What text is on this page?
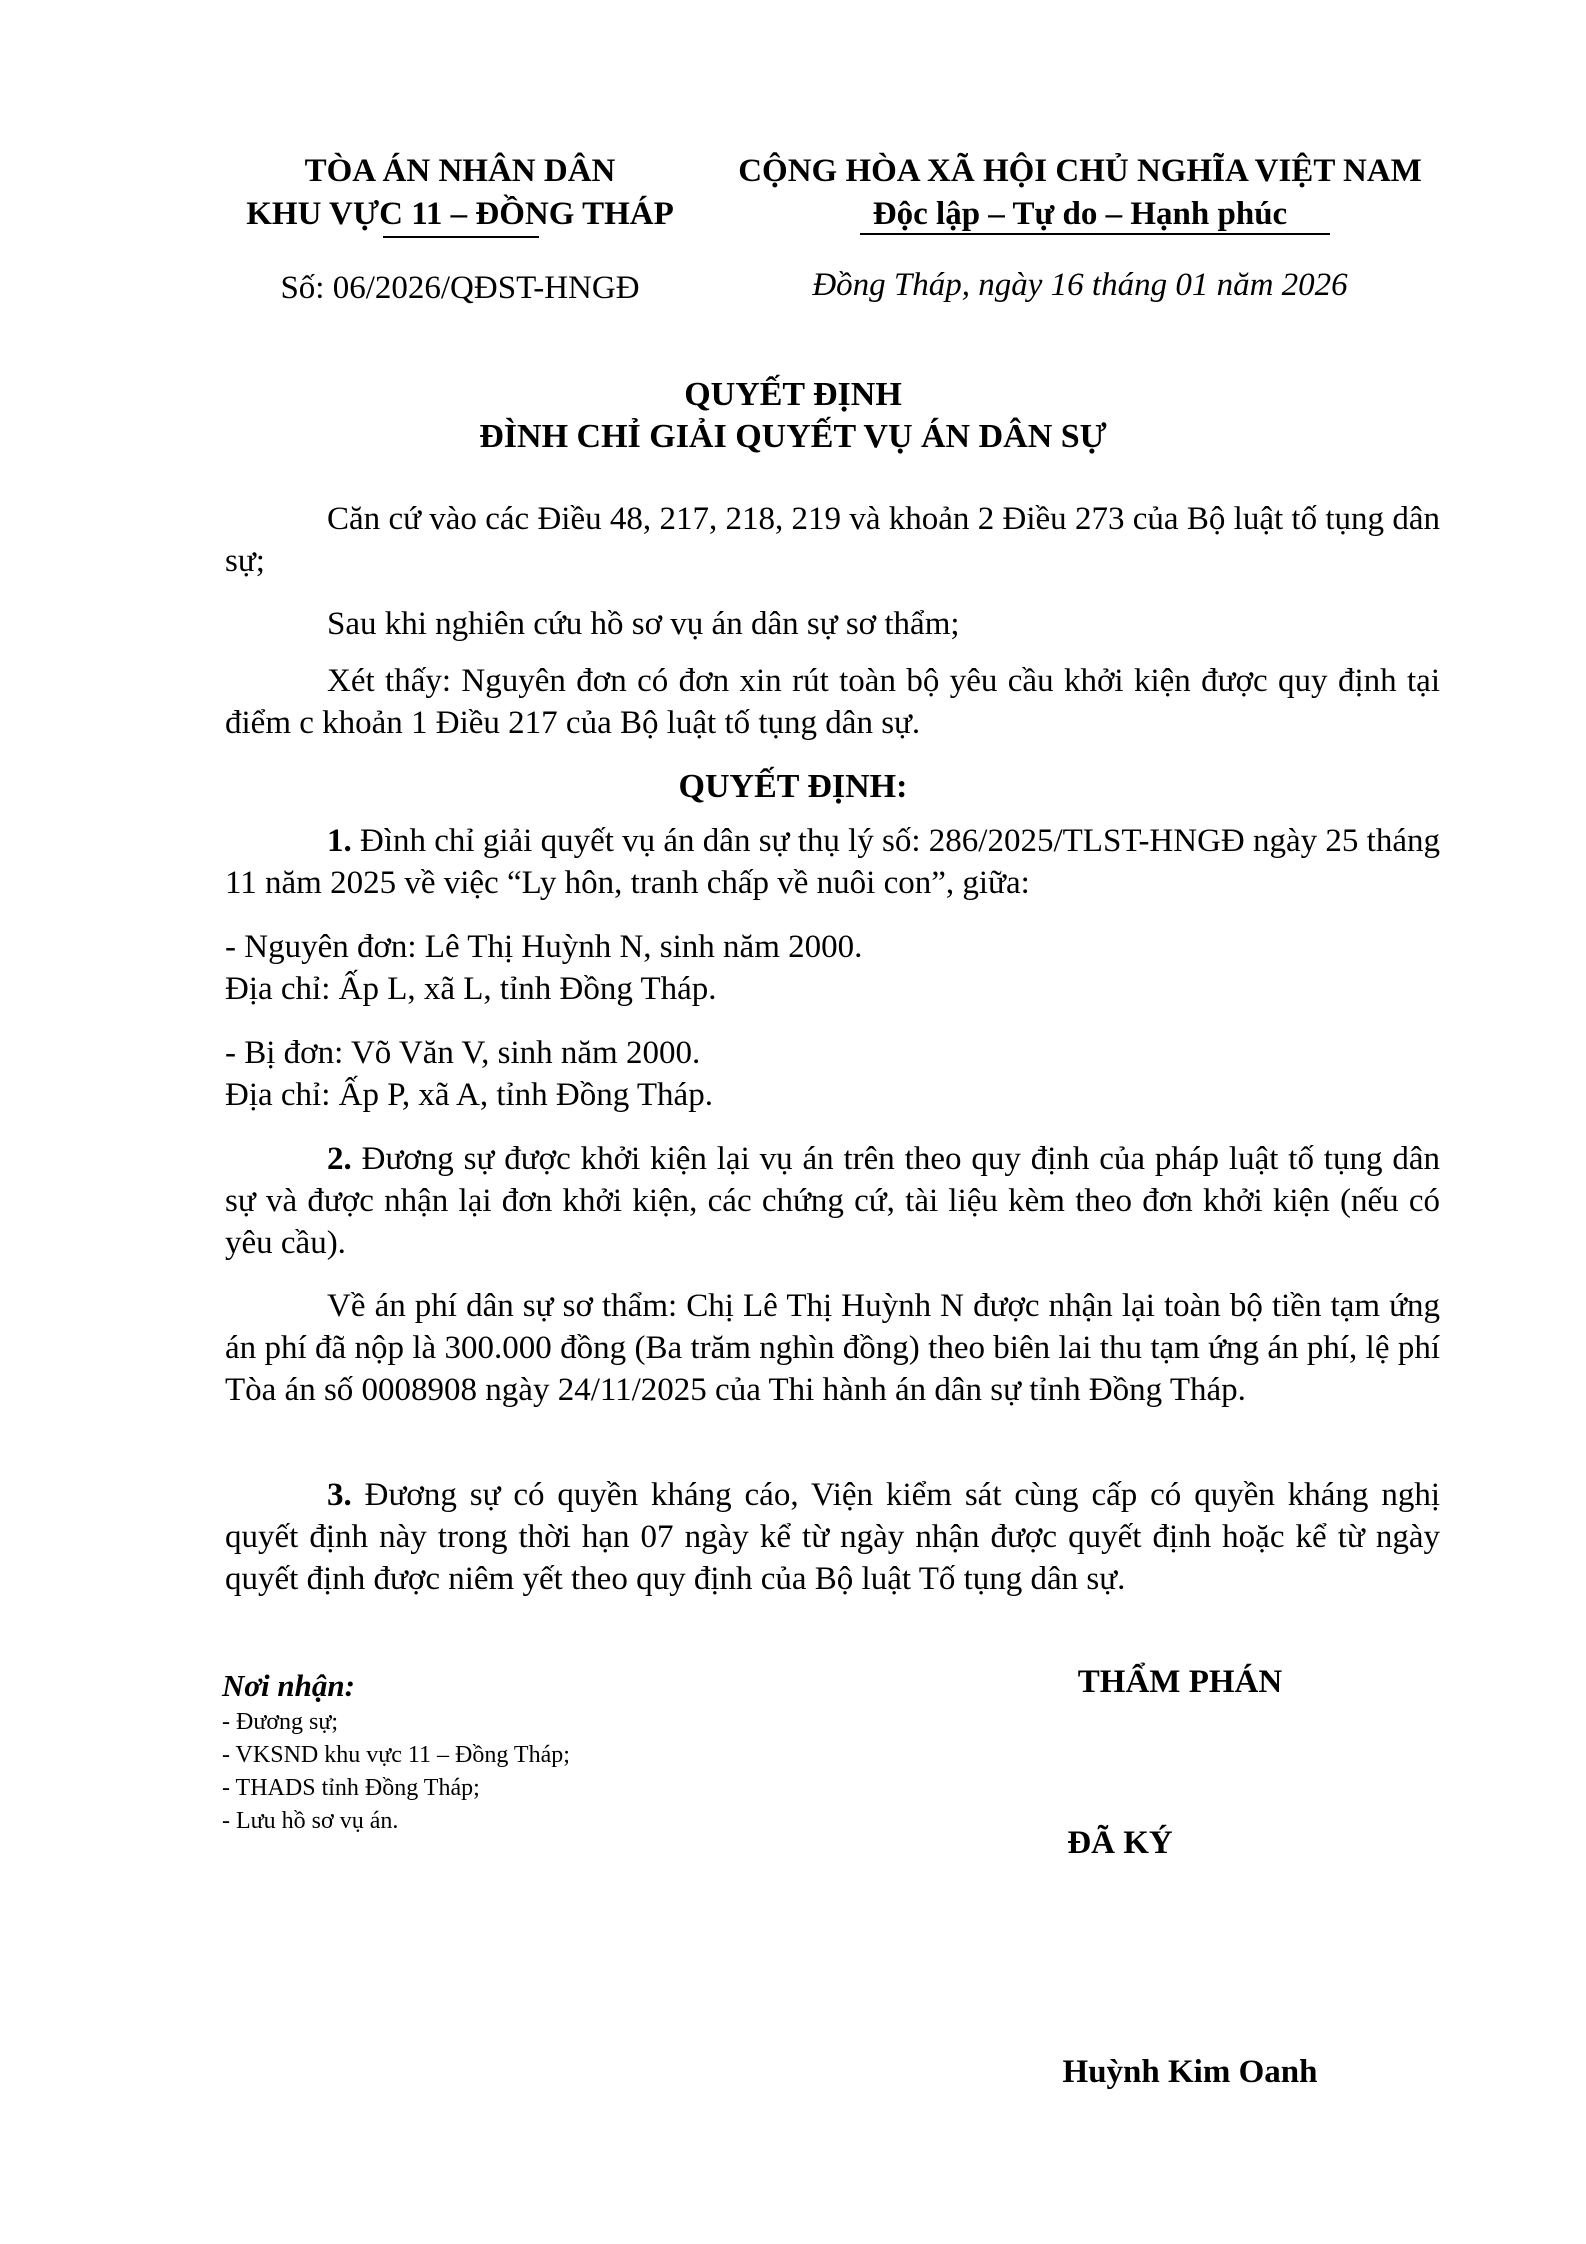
TÒA ÁN NHÂN DÂN
KHU VỰC 11 – ĐỒNG THÁP
CỘNG HÒA XÃ HỘI CHỦ NGHĨA VIỆT NAM
Độc lập – Tự do – Hạnh phúc
Số: 06/2026/QĐST-HNGĐ	Đồng Tháp, ngày 16 tháng 01 năm 2026
QUYẾT ĐỊNH
ĐÌNH CHỈ GIẢI QUYẾT VỤ ÁN DÂN SỰ

Căn cứ vào các Điều 48, 217, 218, 219 và khoản 2 Điều 273 của Bộ luật tố tụng dân sự;

Sau khi nghiên cứu hồ sơ vụ án dân sự sơ thẩm;

Xét thấy: Nguyên đơn có đơn xin rút toàn bộ yêu cầu khởi kiện được quy định tại điểm c khoản 1 Điều 217 của Bộ luật tố tụng dân sự.

QUYẾT ĐỊNH:

1. Đình chỉ giải quyết vụ án dân sự thụ lý số: 286/2025/TLST-HNGĐ ngày 25 tháng 11 năm 2025 về việc “Ly hôn, tranh chấp về nuôi con”, giữa:

- Nguyên đơn: Lê Thị Huỳnh N, sinh năm 2000.

Địa chỉ: Ấp L, xã L, tỉnh Đồng Tháp.

- Bị đơn: Võ Văn V, sinh năm 2000.

Địa chỉ: Ấp P, xã A, tỉnh Đồng Tháp.

2. Đương sự được khởi kiện lại vụ án trên theo quy định của pháp luật tố tụng dân sự và được nhận lại đơn khởi kiện, các chứng cứ, tài liệu kèm theo đơn khởi kiện (nếu có yêu cầu).

Về án phí dân sự sơ thẩm: Chị Lê Thị Huỳnh N được nhận lại toàn bộ tiền tạm ứng án phí đã nộp là 300.000 đồng (Ba trăm nghìn đồng) theo biên lai thu tạm ứng án phí, lệ phí Tòa án số 0008908 ngày 24/11/2025 của Thi hành án dân sự tỉnh Đồng Tháp.

3. Đương sự có quyền kháng cáo, Viện kiểm sát cùng cấp có quyền kháng nghị quyết định này trong thời hạn 07 ngày kể từ ngày nhận được quyết định hoặc kể từ ngày quyết định được niêm yết theo quy định của Bộ luật Tố tụng dân sự.

Nơi nhận:
- Đương sự;
- VKSND khu vực 11 – Đồng Tháp;
- THADS tỉnh Đồng Tháp;
- Lưu hồ sơ vụ án.
THẨM PHÁN
ĐÃ KÝ
Huỳnh Kim Oanh
